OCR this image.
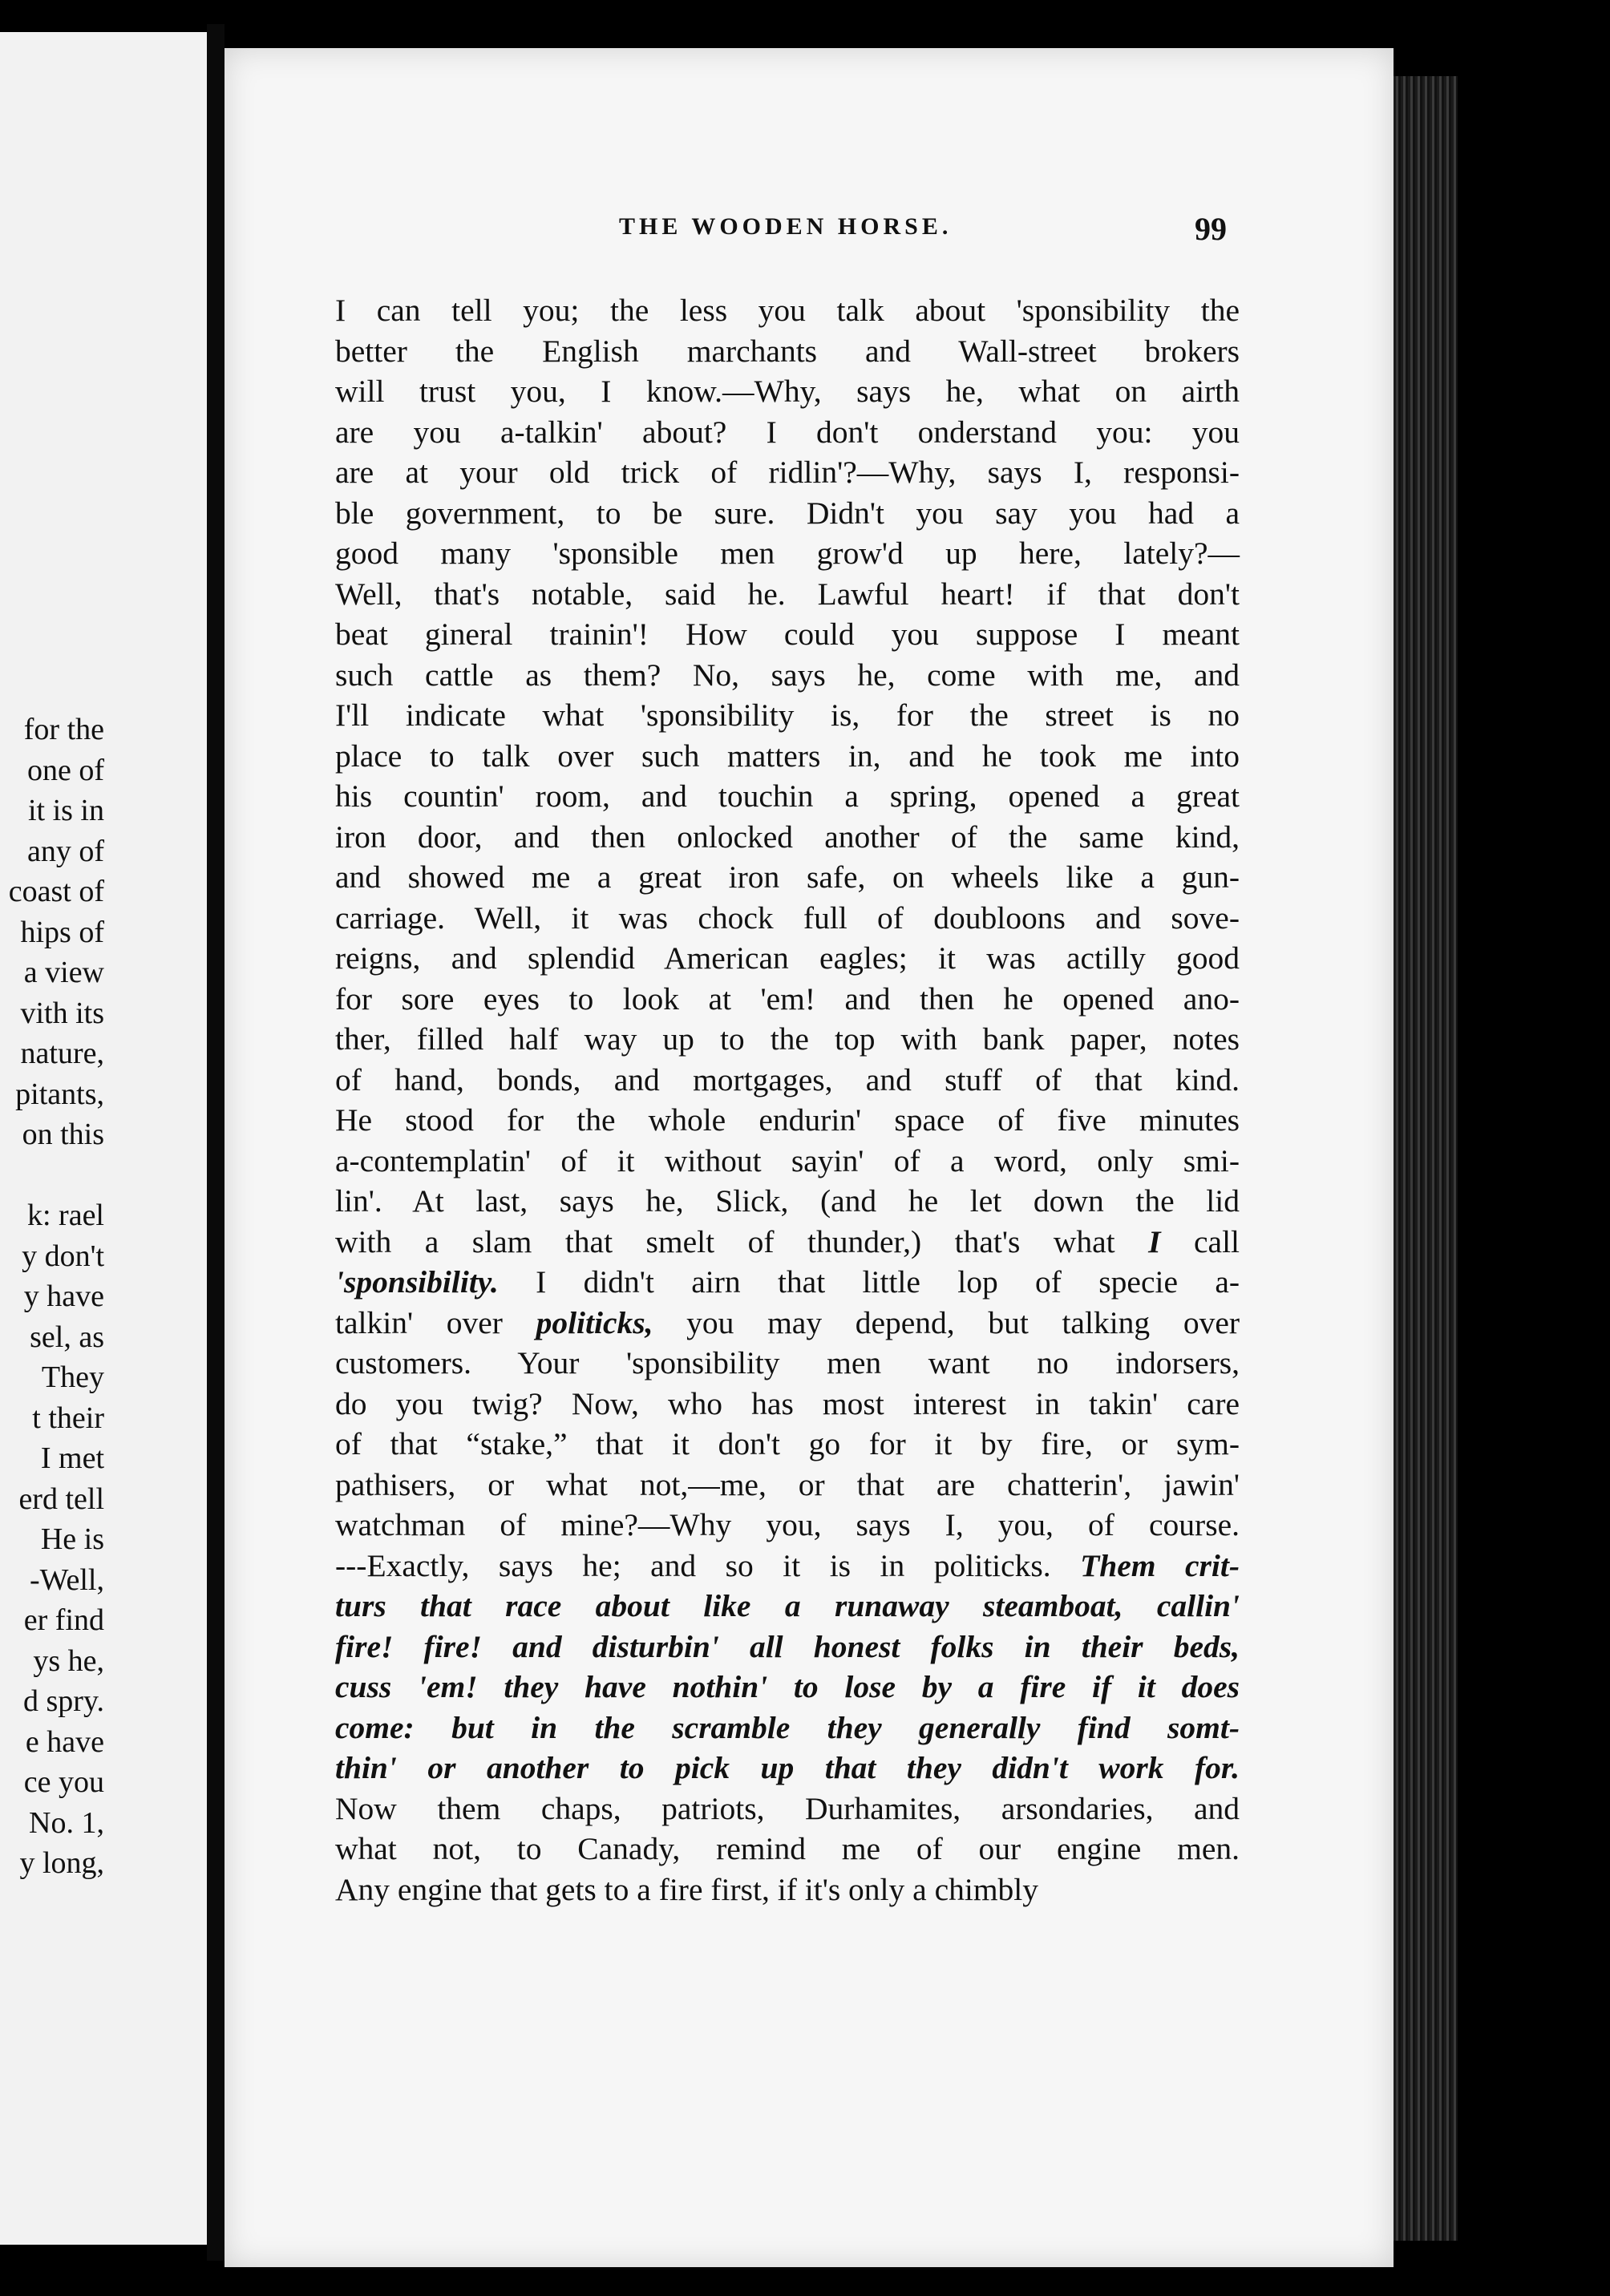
for the
one of
it is in
any of
coast of
hips of
a view
vith its
nature,
pitants,
on this

k: rael
y don't
y have
sel, as
They
t their
I met
erd tell
He is
-Well,
er find
ys he,
d spry.
e have
ce you
No. 1,
y long,
THE WOODEN HORSE.	99
I can tell you; the less you talk about 'sponsibility the
better the English marchants and Wall-street brokers
will trust you, I know.—Why, says he, what on airth
are you a-talkin' about? I don't onderstand you: you
are at your old trick of ridlin'?—Why, says I, responsi-
ble government, to be sure. Didn't you say you had a
good many 'sponsible men grow'd up here, lately?—
Well, that's notable, said he. Lawful heart! if that don't
beat gineral trainin'! How could you suppose I meant
such cattle as them? No, says he, come with me, and
I'll indicate what 'sponsibility is, for the street is no
place to talk over such matters in, and he took me into
his countin' room, and touchin a spring, opened a great
iron door, and then onlocked another of the same kind,
and showed me a great iron safe, on wheels like a gun-
carriage. Well, it was chock full of doubloons and sove-
reigns, and splendid American eagles; it was actilly good
for sore eyes to look at 'em! and then he opened ano-
ther, filled half way up to the top with bank paper, notes
of hand, bonds, and mortgages, and stuff of that kind.
He stood for the whole endurin' space of five minutes
a-contemplatin' of it without sayin' of a word, only smi-
lin'. At last, says he, Slick, (and he let down the lid
with a slam that smelt of thunder,) that's what I call
'sponsibility. I didn't airn that little lop of specie a-
talkin' over politicks, you may depend, but talking over
customers. Your 'sponsibility men want no indorsers,
do you twig? Now, who has most interest in takin' care
of that “stake,” that it don't go for it by fire, or sym-
pathisers, or what not,—me, or that are chatterin', jawin'
watchman of mine?—Why you, says I, you, of course.
---Exactly, says he; and so it is in politicks. Them crit-
turs that race about like a runaway steamboat, callin'
fire! fire! and disturbin' all honest folks in their beds,
cuss 'em! they have nothin' to lose by a fire if it does
come: but in the scramble they generally find somt-
thin' or another to pick up that they didn't work for.
Now them chaps, patriots, Durhamites, arsondaries, and
what not, to Canady, remind me of our engine men.
Any engine that gets to a fire first, if it's only a chimbly
